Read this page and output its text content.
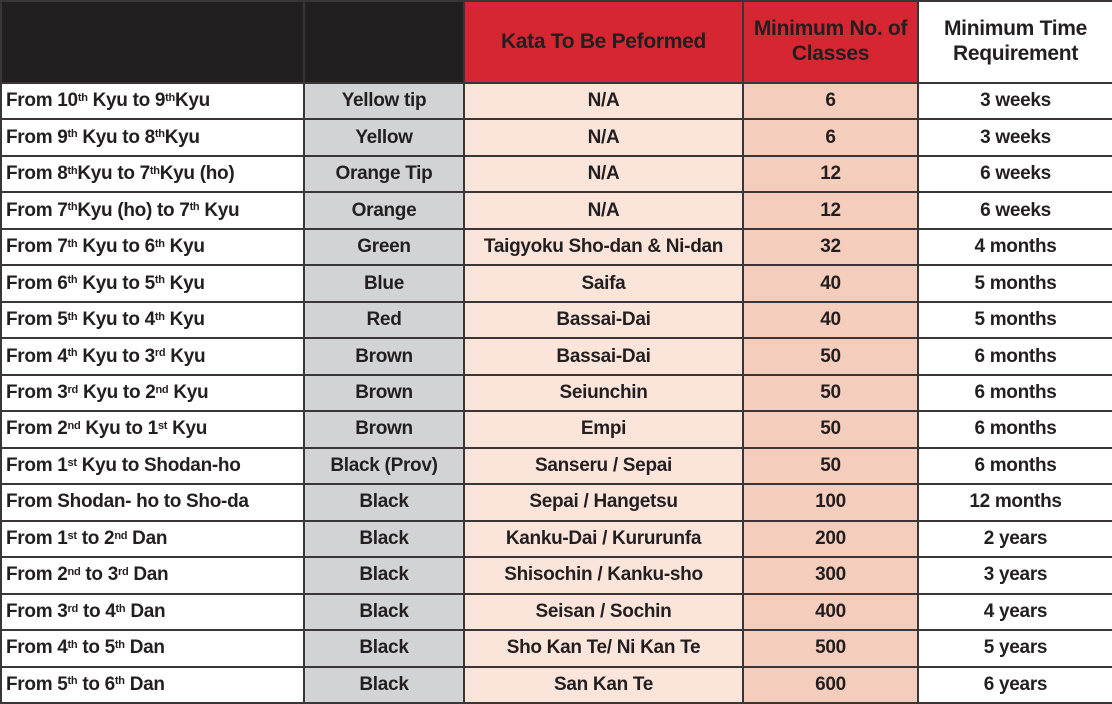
Grade Level	Belt	Kata To Be Peformed	Minimum No. of Classes	Minimum Time Requirement
From 10th Kyu to 9thKyu	Yellow tip	N/A	6	3 weeks
From 9th Kyu to 8thKyu	Yellow	N/A	6	3 weeks
From 8thKyu to 7thKyu (ho)	Orange Tip	N/A	12	6 weeks
From 7thKyu (ho) to 7th Kyu	Orange	N/A	12	6 weeks
From 7th Kyu to 6th Kyu	Green	Taigyoku Sho-dan & Ni-dan	32	4 months
From 6th Kyu to 5th Kyu	Blue	Saifa	40	5 months
From 5th Kyu to 4th Kyu	Red	Bassai-Dai	40	5 months
From 4th Kyu to 3rd Kyu	Brown	Bassai-Dai	50	6 months
From 3rd Kyu to 2nd Kyu	Brown	Seiunchin	50	6 months
From 2nd Kyu to 1st Kyu	Brown	Empi	50	6 months
From 1st Kyu to Shodan-ho	Black (Prov)	Sanseru / Sepai	50	6 months
From Shodan- ho to Sho-da	Black	Sepai / Hangetsu	100	12 months
From 1st to 2nd Dan	Black	Kanku-Dai / Kururunfa	200	2 years
From 2nd to 3rd Dan	Black	Shisochin / Kanku-sho	300	3 years
From 3rd to 4th Dan	Black	Seisan / Sochin	400	4 years
From 4th to 5th Dan	Black	Sho Kan Te/ Ni Kan Te	500	5 years
From 5th to 6th Dan	Black	San Kan Te	600	6 years
